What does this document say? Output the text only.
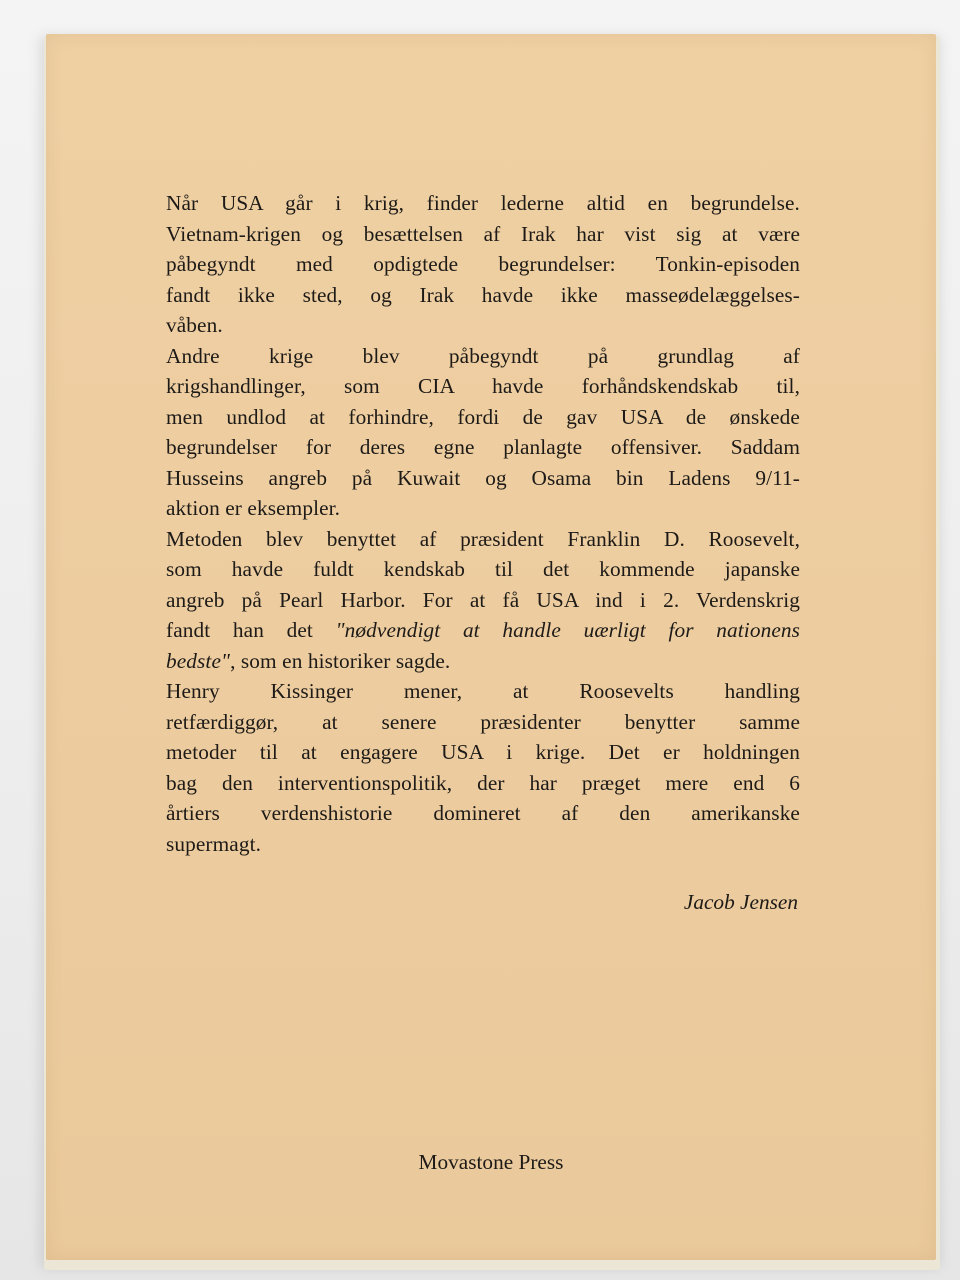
Når USA går i krig, finder lederne altid en begrundelse.
Vietnam-krigen og besættelsen af Irak har vist sig at være
påbegyndt med opdigtede begrundelser: Tonkin-episoden
fandt ikke sted, og Irak havde ikke masseødelæggelses-
våben.

Andre krige blev påbegyndt på grundlag af
krigshandlinger, som CIA havde forhåndskendskab til,
men undlod at forhindre, fordi de gav USA de ønskede
begrundelser for deres egne planlagte offensiver. Saddam
Husseins angreb på Kuwait og Osama bin Ladens 9/11-
aktion er eksempler.

Metoden blev benyttet af præsident Franklin D. Roosevelt,
som havde fuldt kendskab til det kommende japanske
angreb på Pearl Harbor. For at få USA ind i 2. Verdenskrig
fandt han det "nødvendigt at handle uærligt for nationens
bedste", som en historiker sagde.

Henry Kissinger mener, at Roosevelts handling
retfærdiggør, at senere præsidenter benytter samme
metoder til at engagere USA i krige. Det er holdningen
bag den interventionspolitik, der har præget mere end 6
årtiers verdenshistorie domineret af den amerikanske
supermagt.

Jacob Jensen
Movastone Press
